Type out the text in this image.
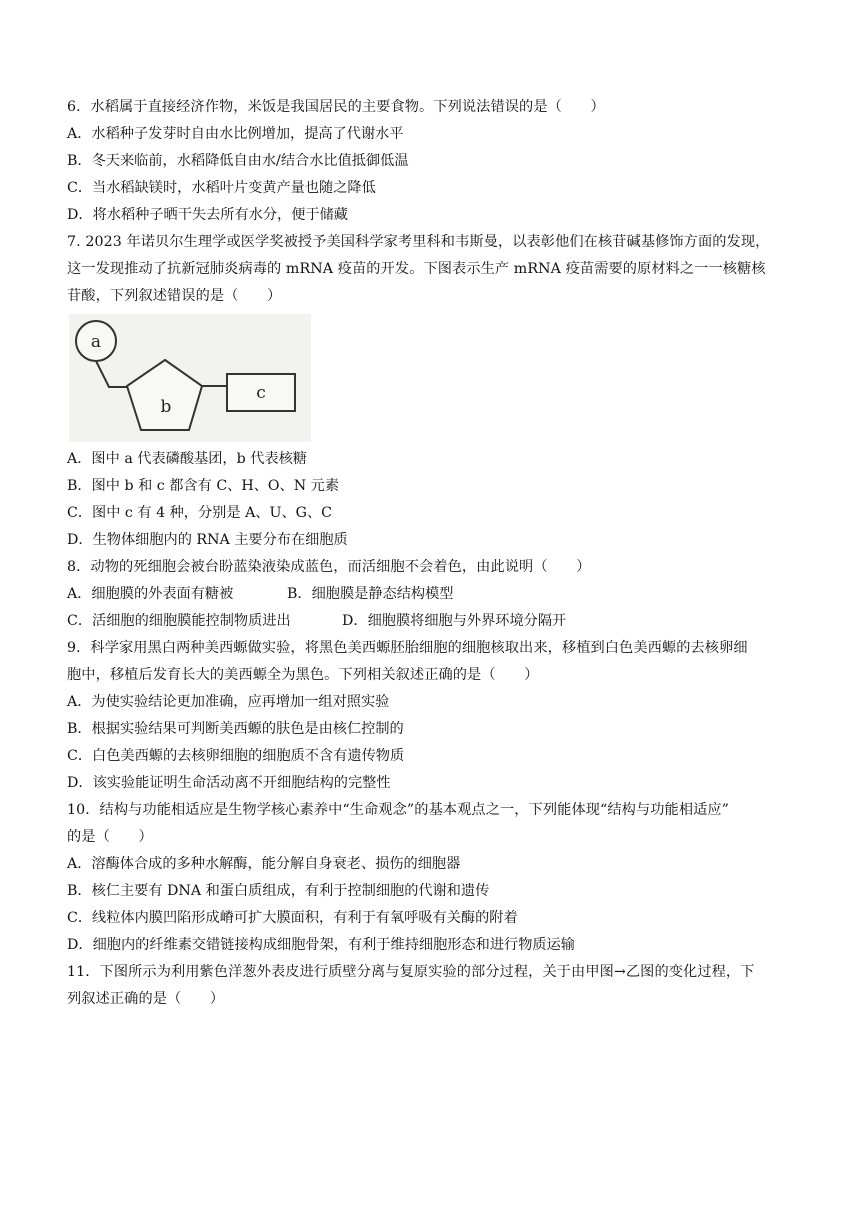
6．水稻属于直接经济作物，米饭是我国居民的主要食物。下列说法错误的是（　　）
A．水稻种子发芽时自由水比例增加，提高了代谢水平
B．冬天来临前，水稻降低自由水/结合水比值抵御低温
C．当水稻缺镁时，水稻叶片变黄产量也随之降低
D．将水稻种子晒干失去所有水分，便于储藏
7. 2023 年诺贝尔生理学或医学奖被授予美国科学家考里科和韦斯曼，以表彰他们在核苷碱基修饰方面的发现，
这一发现推动了抗新冠肺炎病毒的 mRNA 疫苗的开发。下图表示生产 mRNA 疫苗需要的原材料之一一核糖核
苷酸，下列叙述错误的是（　　）
a
b
c
A．图中 a 代表磷酸基团，b 代表核糖
B．图中 b 和 c 都含有 C、H、O、N 元素
C．图中 c 有 4 种，分别是 A、U、G、C
D．生物体细胞内的 RNA 主要分布在细胞质
8．动物的死细胞会被台盼蓝染液染成蓝色，而活细胞不会着色，由此说明（　　）
A．细胞膜的外表面有糖被	B．细胞膜是静态结构模型
C．活细胞的细胞膜能控制物质进出	D．细胞膜将细胞与外界环境分隔开
9．科学家用黑白两种美西螈做实验，将黑色美西螈胚胎细胞的细胞核取出来，移植到白色美西螈的去核卵细
胞中，移植后发育长大的美西螈全为黑色。下列相关叙述正确的是（　　）
A．为使实验结论更加准确，应再增加一组对照实验
B．根据实验结果可判断美西螈的肤色是由核仁控制的
C．白色美西螈的去核卵细胞的细胞质不含有遗传物质
D．该实验能证明生命活动离不开细胞结构的完整性
10．结构与功能相适应是生物学核心素养中“生命观念”的基本观点之一，下列能体现“结构与功能相适应”
的是（　　）
A．溶酶体合成的多种水解酶，能分解自身衰老、损伤的细胞器
B．核仁主要有 DNA 和蛋白质组成，有利于控制细胞的代谢和遗传
C．线粒体内膜凹陷形成嵴可扩大膜面积，有利于有氧呼吸有关酶的附着
D．细胞内的纤维素交错链接构成细胞骨架，有利于维持细胞形态和进行物质运输
11．下图所示为利用紫色洋葱外表皮进行质壁分离与复原实验的部分过程，关于由甲图→乙图的变化过程，下
列叙述正确的是（　　）
